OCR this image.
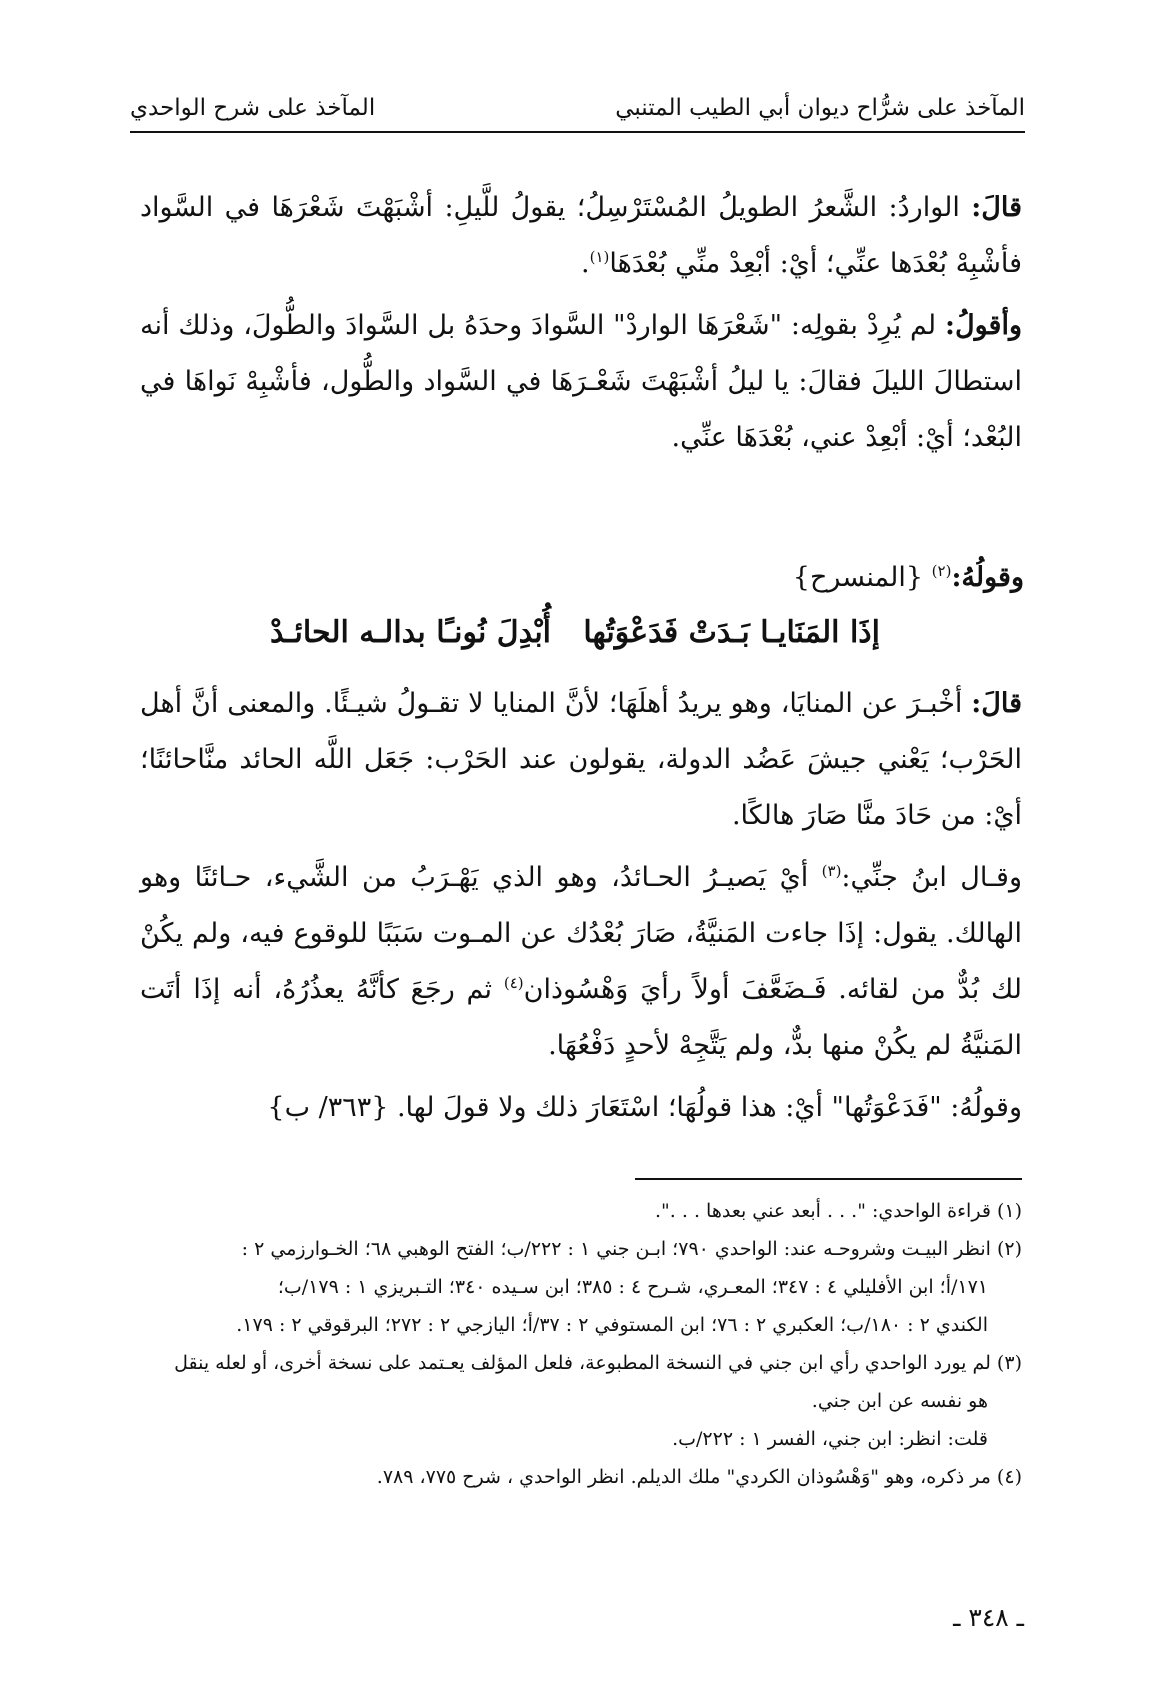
المآخذ على شرُّاح ديوان أبي الطيب المتنبي
المآخذ على شرح الواحدي

قالَ: الواردُ: الشَّعرُ الطويلُ المُسْتَرْسِلُ؛ يقولُ للَّيلِ: أشْبَهْتَ شَعْرَهَا في السَّواد فأشْبِهْ بُعْدَها عنِّي؛ أيْ: أبْعِدْ منِّي بُعْدَهَا$^{(١)}$.

وأقولُ: لم يُرِدْ بقولِه: "شَعْرَهَا الواردْ" السَّوادَ وحدَهُ بل السَّوادَ والطُّولَ، وذلك أنه استطالَ الليلَ فقالَ: يا ليلُ أشْبَهْتَ شَعْـرَهَا في السَّواد والطُّول، فأشْبِهْ نَواهَا في البُعْد؛ أيْ: أبْعِدْ عني، بُعْدَهَا عنِّي.

وقولُهُ:$^{(٢)}$ {المنسرح}
إذَا المَنَايـا بَـدَتْ فَدَعْوَتُها
أُبْدِلَ نُونـًا بدالـه الحائـدْ

قالَ: أخْبـرَ عن المنايَا، وهو يريدُ أهلَهَا؛ لأنَّ المنايا لا تقـولُ شيـئًا. والمعنى أنَّ أهل الحَرْب؛ يَعْني جيشَ عَضُد الدولة، يقولون عند الحَرْب: جَعَل اللَّه الحائد منَّاحائنًا؛ أيْ: من حَادَ منَّا صَارَ هالكًا.

وقـال ابنُ جنِّي:$^{(٣)}$ أيْ يَصيـرُ الحـائدُ، وهو الذي يَهْـرَبُ من الشَّيء، حـائنًا وهو الهالك. يقول: إذَا جاءت المَنيَّةُ، صَارَ بُعْدُك عن المـوت سَبَبًا للوقوع فيه، ولم يكُنْ لك بُدٌّ من لقائه. فَـضَعَّفَ أولاً رأيَ وَهْسُوذان$^{(٤)}$ ثم رجَعَ كأنَّهُ يعذُرُهُ، أنه إذَا أتَت المَنيَّةُ لم يكُنْ منها بدٌّ، ولم يَتَّجِهْ لأحدٍ دَفْعُهَا.

وقولُهُ: "فَدَعْوَتُها" أيْ: هذا قولُهَا؛ اسْتَعَارَ ذلك ولا قولَ لها. {٣٦٣/ ب}

(١) قراءة الواحدي: ". . . أبعد عني بعدها . . .".

(٢) انظر البيـت وشروحـه عند: الواحدي ٧٩٠؛ ابـن جني ١ : ٢٢٢/ب؛ الفتح الوهبي ٦٨؛ الخـوارزمي ٢ :

١٧١/أ؛ ابن الأفليلي ٤ : ٣٤٧؛ المعـري، شـرح ٤ : ٣٨٥؛ ابن سـيده ٣٤٠؛ التـبريزي ١ : ١٧٩/ب؛

الكندي ٢ : ١٨٠/ب؛ العكبري ٢ : ٧٦؛ ابن المستوفي ٢ : ٣٧/أ؛ اليازجي ٢ : ٢٧٢؛ البرقوقي ٢ : ١٧٩.

(٣) لم يورد الواحدي رأي ابن جني في النسخة المطبوعة، فلعل المؤلف يعـتمد على نسخة أخرى، أو لعله ينقل

هو نفسه عن ابن جني.

قلت: انظر: ابن جني، الفسر ١ : ٢٢٢/ب.

(٤) مر ذكره، وهو "وَهْسُوذان الكردي" ملك الديلم. انظر الواحدي ، شرح ٧٧٥، ٧٨٩.

ـ ٣٤٨ ـ
